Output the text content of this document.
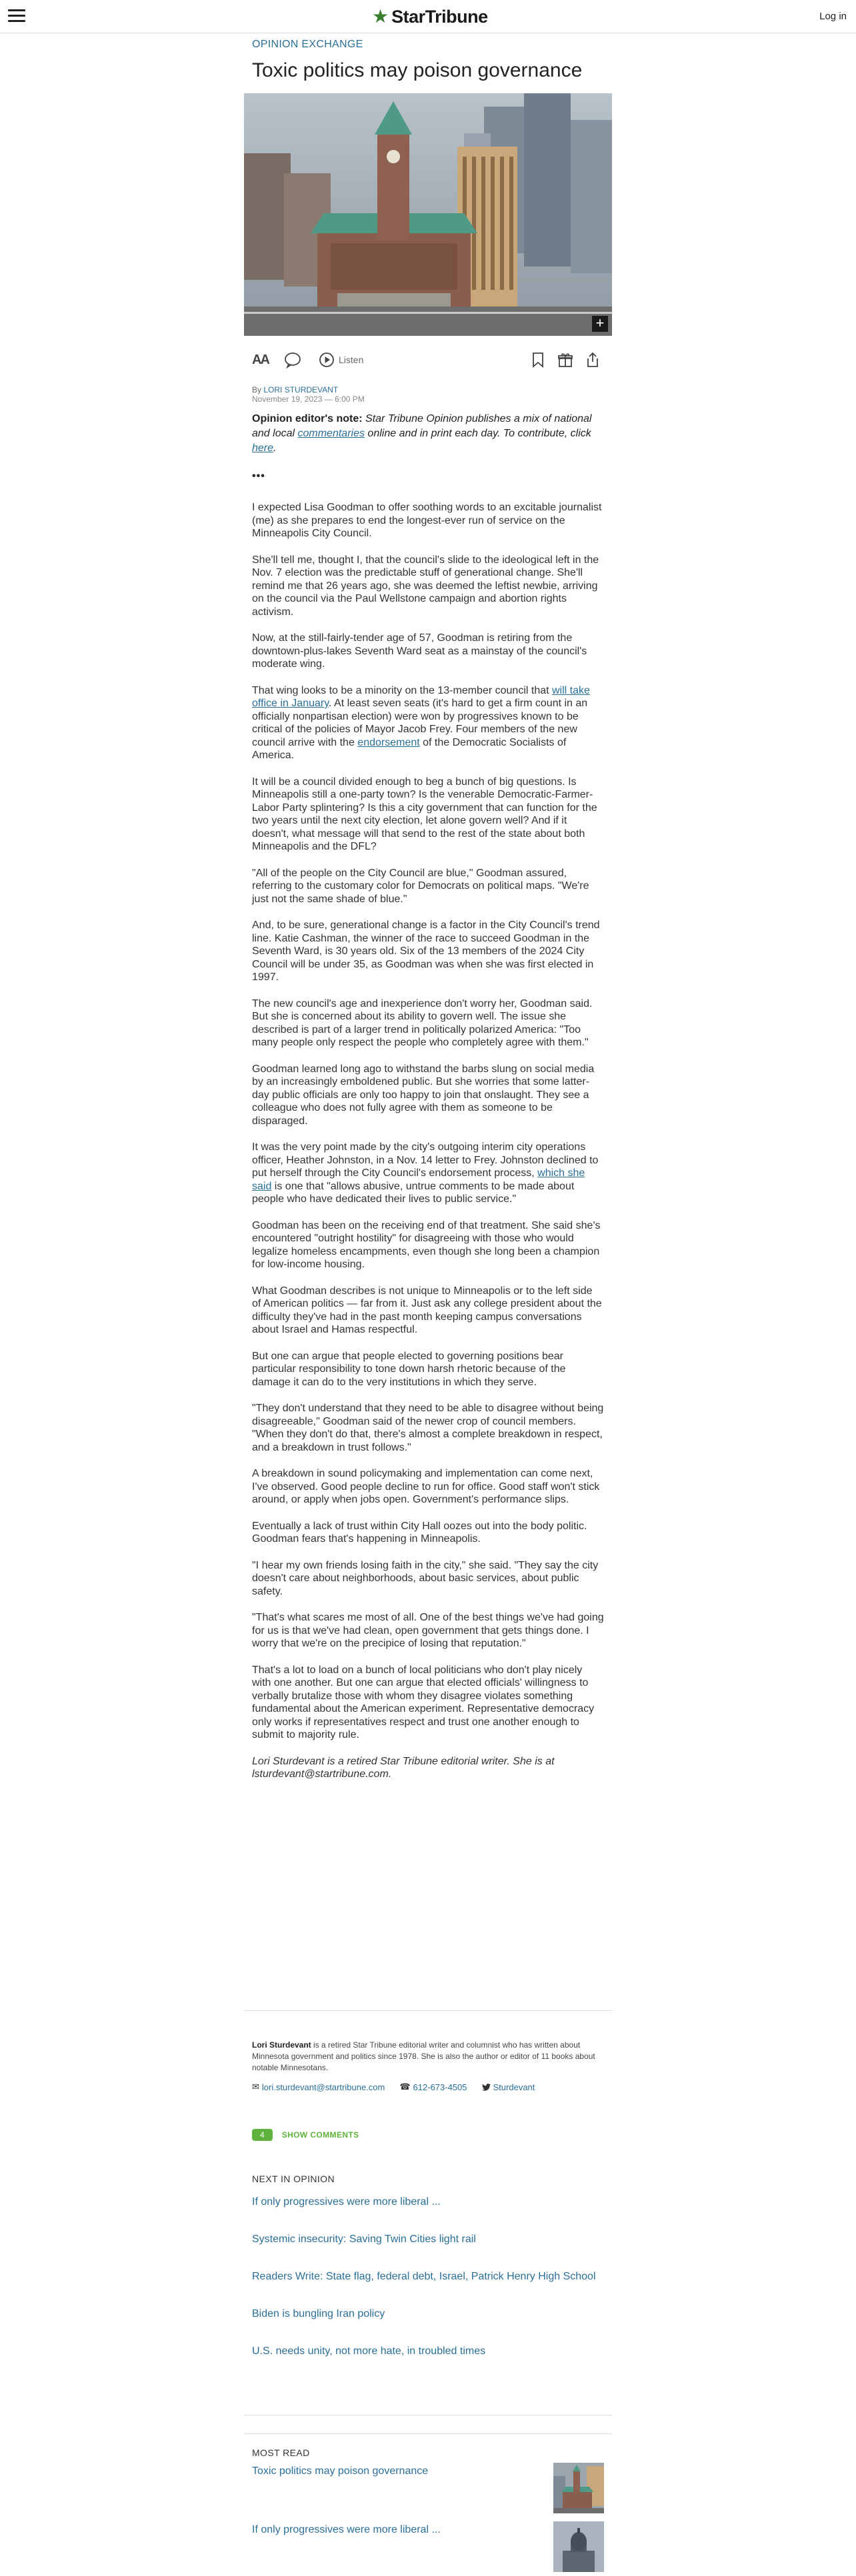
★ StarTribune	Log in
OPINION EXCHANGE
Toxic politics may poison governance
+
AA	Listen
By LORI STURDEVANT
November 19, 2023 — 6:00 PM
Opinion editor's note: Star Tribune Opinion publishes a mix of national and local commentaries online and in print each day. To contribute, click here.
•••

I expected Lisa Goodman to offer soothing words to an excitable journalist (me) as she prepares to end the longest-ever run of service on the Minneapolis City Council.

She'll tell me, thought I, that the council's slide to the ideological left in the Nov. 7 election was the predictable stuff of generational change. She'll remind me that 26 years ago, she was deemed the leftist newbie, arriving on the council via the Paul Wellstone campaign and abortion rights activism.

Now, at the still-fairly-tender age of 57, Goodman is retiring from the downtown-plus-lakes Seventh Ward seat as a mainstay of the council's moderate wing.

That wing looks to be a minority on the 13-member council that will take office in January. At least seven seats (it's hard to get a firm count in an officially nonpartisan election) were won by progressives known to be critical of the policies of Mayor Jacob Frey. Four members of the new council arrive with the endorsement of the Democratic Socialists of America.

It will be a council divided enough to beg a bunch of big questions. Is Minneapolis still a one-party town? Is the venerable Democratic-Farmer-Labor Party splintering? Is this a city government that can function for the two years until the next city election, let alone govern well? And if it doesn't, what message will that send to the rest of the state about both Minneapolis and the DFL?

"All of the people on the City Council are blue," Goodman assured, referring to the customary color for Democrats on political maps. "We're just not the same shade of blue."

And, to be sure, generational change is a factor in the City Council's trend line. Katie Cashman, the winner of the race to succeed Goodman in the Seventh Ward, is 30 years old. Six of the 13 members of the 2024 City Council will be under 35, as Goodman was when she was first elected in 1997.

The new council's age and inexperience don't worry her, Goodman said. But she is concerned about its ability to govern well. The issue she described is part of a larger trend in politically polarized America: "Too many people only respect the people who completely agree with them."

Goodman learned long ago to withstand the barbs slung on social media by an increasingly emboldened public. But she worries that some latter-day public officials are only too happy to join that onslaught. They see a colleague who does not fully agree with them as someone to be disparaged.

It was the very point made by the city's outgoing interim city operations officer, Heather Johnston, in a Nov. 14 letter to Frey. Johnston declined to put herself through the City Council's endorsement process, which she said is one that "allows abusive, untrue comments to be made about people who have dedicated their lives to public service."

Goodman has been on the receiving end of that treatment. She said she's encountered "outright hostility" for disagreeing with those who would legalize homeless encampments, even though she long been a champion for low-income housing.

What Goodman describes is not unique to Minneapolis or to the left side of American politics — far from it. Just ask any college president about the difficulty they've had in the past month keeping campus conversations about Israel and Hamas respectful.

But one can argue that people elected to governing positions bear particular responsibility to tone down harsh rhetoric because of the damage it can do to the very institutions in which they serve.

"They don't understand that they need to be able to disagree without being disagreeable," Goodman said of the newer crop of council members. "When they don't do that, there's almost a complete breakdown in respect, and a breakdown in trust follows."

A breakdown in sound policymaking and implementation can come next, I've observed. Good people decline to run for office. Good staff won't stick around, or apply when jobs open. Government's performance slips.

Eventually a lack of trust within City Hall oozes out into the body politic. Goodman fears that's happening in Minneapolis.

"I hear my own friends losing faith in the city," she said. "They say the city doesn't care about neighborhoods, about basic services, about public safety.

"That's what scares me most of all. One of the best things we've had going for us is that we've had clean, open government that gets things done. I worry that we're on the precipice of losing that reputation."

That's a lot to load on a bunch of local politicians who don't play nicely with one another. But one can argue that elected officials' willingness to verbally brutalize those with whom they disagree violates something fundamental about the American experiment. Representative democracy only works if representatives respect and trust one another enough to submit to majority rule.

Lori Sturdevant is a retired Star Tribune editorial writer. She is at lsturdevant@startribune.com.

Lori Sturdevant is a retired Star Tribune editorial writer and columnist who has written about Minnesota government and politics since 1978. She is also the author or editor of 11 books about notable Minnesotans.
✉ lori.sturdevant@startribune.com ☎ 612-673-4505	Sturdevant
4	SHOW COMMENTS
NEXT IN OPINION
If only progressives were more liberal ...
Systemic insecurity: Saving Twin Cities light rail
Readers Write: State flag, federal debt, Israel, Patrick Henry High School
Biden is bungling Iran policy
U.S. needs unity, not more hate, in troubled times
MOST READ
Toxic politics may poison governance
If only progressives were more liberal ...
